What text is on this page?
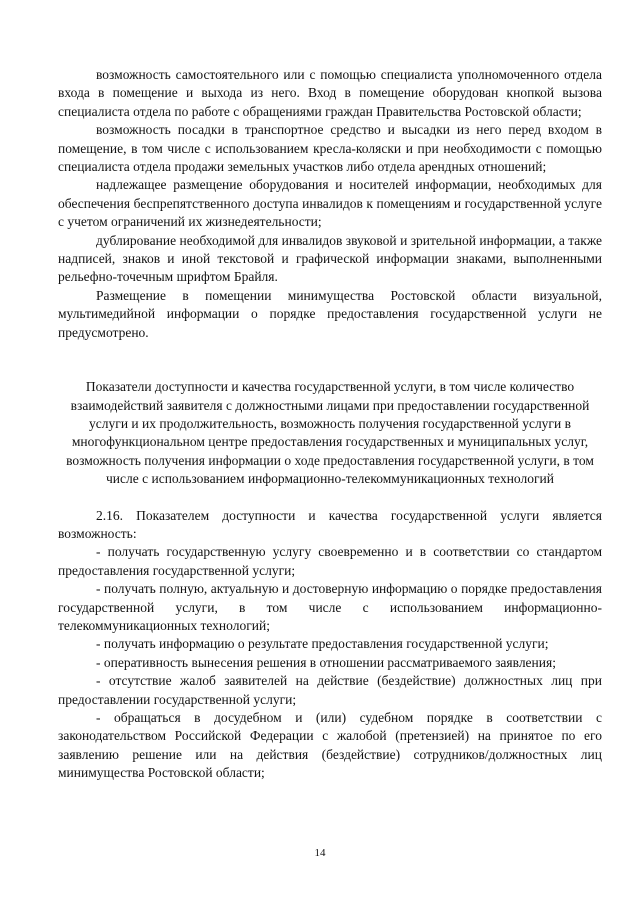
возможность самостоятельного или с помощью специалиста уполномоченного отдела входа в помещение и выхода из него. Вход в помещение оборудован кнопкой вызова специалиста отдела по работе с обращениями граждан Правительства Ростовской области;

возможность посадки в транспортное средство и высадки из него перед входом в помещение, в том числе с использованием кресла-коляски и при необходимости с помощью специалиста отдела продажи земельных участков либо отдела арендных отношений;

надлежащее размещение оборудования и носителей информации, необходимых для обеспечения беспрепятственного доступа инвалидов к помещениям и государственной услуге с учетом ограничений их жизнедеятельности;

дублирование необходимой для инвалидов звуковой и зрительной информации, а также надписей, знаков и иной текстовой и графической информации знаками, выполненными рельефно-точечным шрифтом Брайля.

Размещение в помещении минимущества Ростовской области визуальной, мультимедийной информации о порядке предоставления государственной услуги не предусмотрено.

Показатели доступности и качества государственной услуги, в том числе количество взаимодействий заявителя с должностными лицами при предоставлении государственной услуги и их продолжительность, возможность получения государственной услуги в многофункциональном центре предоставления государственных и муниципальных услуг, возможность получения информации о ходе предоставления государственной услуги, в том числе с использованием информационно-телекоммуникационных технологий

2.16. Показателем доступности и качества государственной услуги является возможность:

- получать государственную услугу своевременно и в соответствии со стандартом предоставления государственной услуги;

- получать полную, актуальную и достоверную информацию о порядке предоставления государственной услуги, в том числе с использованием информационно-телекоммуникационных технологий;

- получать информацию о результате предоставления государственной услуги;

- оперативность вынесения решения в отношении рассматриваемого заявления;

- отсутствие жалоб заявителей на действие (бездействие) должностных лиц при предоставлении государственной услуги;

- обращаться в досудебном и (или) судебном порядке в соответствии с законодательством Российской Федерации с жалобой (претензией) на принятое по его заявлению решение или на действия (бездействие) сотрудников/должностных лиц минимущества Ростовской области;

14
